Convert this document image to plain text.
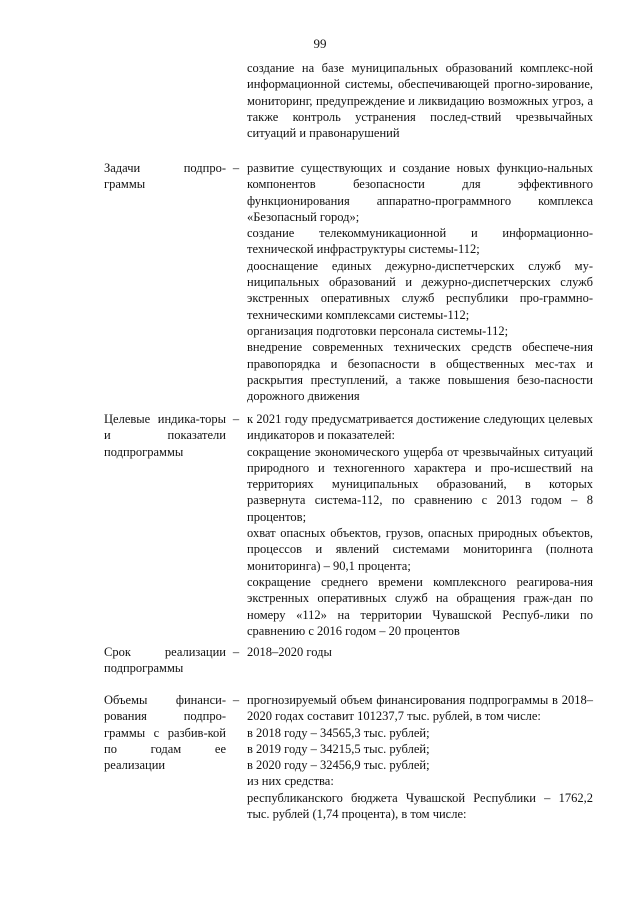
99

создание на базе муниципальных образований комплекс-ной информационной системы, обеспечивающей прогно-зирование, мониторинг, предупреждение и ликвидацию возможных угроз, а также контроль устранения послед-ствий чрезвычайных ситуаций и правонарушений

Задачи подпро-граммы

– развитие существующих и создание новых функцио-нальных компонентов безопасности для эффективного функционирования аппаратно-программного комплекса «Безопасный город»;

создание телекоммуникационной и информационно-технической инфраструктуры системы-112;

дооснащение единых дежурно-диспетчерских служб му-ниципальных образований и дежурно-диспетчерских служб экстренных оперативных служб республики про-граммно-техническими комплексами системы-112;

организация подготовки персонала системы-112;

внедрение современных технических средств обеспече-ния правопорядка и безопасности в общественных мес-тах и раскрытия преступлений, а также повышения безо-пасности дорожного движения

Целевые индика-торы и показатели подпрограммы

– к 2021 году предусматривается достижение следующих целевых индикаторов и показателей:

сокращение экономического ущерба от чрезвычайных ситуаций природного и техногенного характера и про-исшествий на территориях муниципальных образований, в которых развернута система-112, по сравнению с 2013 годом – 8 процентов;

охват опасных объектов, грузов, опасных природных объектов, процессов и явлений системами мониторинга (полнота мониторинга) – 90,1 процента;

сокращение среднего времени комплексного реагирова-ния экстренных оперативных служб на обращения граж-дан по номеру «112» на территории Чувашской Респуб-лики по сравнению с 2016 годом – 20 процентов

Срок реализации подпрограммы

– 2018–2020 годы

Объемы финанси-рования подпро-граммы с разбив-кой по годам ее реализации

– прогнозируемый объем финансирования подпрограммы в 2018–2020 годах составит 101237,7 тыс. рублей, в том числе:

в 2018 году – 34565,3 тыс. рублей;

в 2019 году – 34215,5 тыс. рублей;

в 2020 году – 32456,9 тыс. рублей;

из них средства:

республиканского бюджета Чувашской Республики – 1762,2 тыс. рублей (1,74 процента), в том числе:
